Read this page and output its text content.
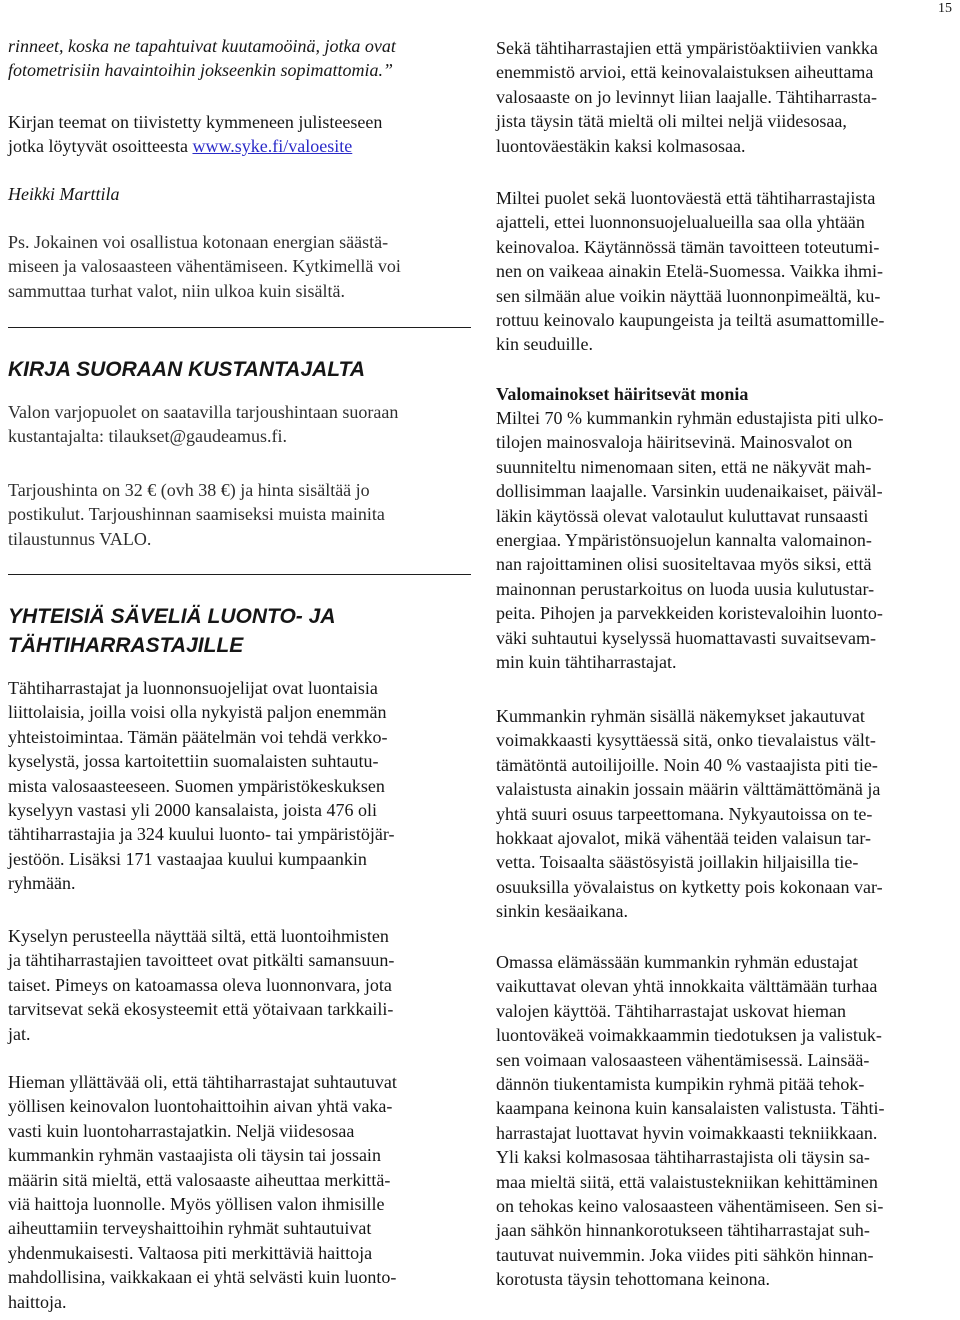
15
rinneet, koska ne tapahtuivat kuutamoöinä, jotka ovat
fotometrisiin havaintoihin jokseenkin sopimattomia.”
Kirjan teemat on tiivistetty kymmeneen julisteeseen
jotka löytyvät osoitteesta www.syke.fi/valoesite
Heikki Marttila
Ps. Jokainen voi osallistua kotonaan energian säästä-
miseen ja valosaasteen vähentämiseen. Kytkimellä voi
sammuttaa turhat valot, niin ulkoa kuin sisältä.
KIRJA SUORAAN KUSTANTAJALTA
Valon varjopuolet on saatavilla tarjoushintaan suoraan
kustantajalta: tilaukset@gaudeamus.fi.
Tarjoushinta on 32 € (ovh 38 €) ja hinta sisältää jo
postikulut. Tarjoushinnan saamiseksi muista mainita
tilaustunnus VALO.
YHTEISIÄ SÄVELIÄ LUONTO- JA
TÄHTIHARRASTAJILLE
Tähtiharrastajat ja luonnonsuojelijat ovat luontaisia
liittolaisia, joilla voisi olla nykyistä paljon enemmän
yhteistoimintaa. Tämän päätelmän voi tehdä verkko-
kyselystä, jossa kartoitettiin suomalaisten suhtautu-
mista valosaasteeseen. Suomen ympäristökeskuksen
kyselyyn vastasi yli 2000 kansalaista, joista 476 oli
tähtiharrastajia ja 324 kuului luonto- tai ympäristöjär-
jestöön. Lisäksi 171 vastaajaa kuului kumpaankin
ryhmään.
Kyselyn perusteella näyttää siltä, että luontoihmisten
ja tähtiharrastajien tavoitteet ovat pitkälti samansuun-
taiset. Pimeys on katoamassa oleva luonnonvara, jota
tarvitsevat sekä ekosysteemit että yötaivaan tarkkaili-
jat.
Hieman yllättävää oli, että tähtiharrastajat suhtautuvat
yöllisen keinovalon luontohaittoihin aivan yhtä vaka-
vasti kuin luontoharrastajatkin. Neljä viidesosaa
kummankin ryhmän vastaajista oli täysin tai jossain
määrin sitä mieltä, että valosaaste aiheuttaa merkittä-
viä haittoja luonnolle. Myös yöllisen valon ihmisille
aiheuttamiin terveyshaittoihin ryhmät suhtautuivat
yhdenmukaisesti. Valtaosa piti merkittäviä haittoja
mahdollisina, vaikkakaan ei yhtä selvästi kuin luonto-
haittoja.
Sekä tähtiharrastajien että ympäristöaktiivien vankka
enemmistö arvioi, että keinovalaistuksen aiheuttama
valosaaste on jo levinnyt liian laajalle. Tähtiharrasta-
jista täysin tätä mieltä oli miltei neljä viidesosaa,
luontoväestäkin kaksi kolmasosaa.
Miltei puolet sekä luontoväestä että tähtiharrastajista
ajatteli, ettei luonnonsuojelualueilla saa olla yhtään
keinovaloa. Käytännössä tämän tavoitteen toteutumi-
nen on vaikeaa ainakin Etelä-Suomessa. Vaikka ihmi-
sen silmään alue voikin näyttää luonnonpimeältä, ku-
rottuu keinovalo kaupungeista ja teiltä asumattomille-
kin seuduille.
Valomainokset häiritsevät monia
Miltei 70 % kummankin ryhmän edustajista piti ulko-
tilojen mainosvaloja häiritsevinä. Mainosvalot on
suunniteltu nimenomaan siten, että ne näkyvät mah-
dollisimman laajalle. Varsinkin uudenaikaiset, päiväl-
läkin käytössä olevat valotaulut kuluttavat runsaasti
energiaa. Ympäristönsuojelun kannalta valomainon-
nan rajoittaminen olisi suositeltavaa myös siksi, että
mainonnan perustarkoitus on luoda uusia kulutustar-
peita. Pihojen ja parvekkeiden koristevaloihin luonto-
väki suhtautui kyselyssä huomattavasti suvaitsevam-
min kuin tähtiharrastajat.
Kummankin ryhmän sisällä näkemykset jakautuvat
voimakkaasti kysyttäessä sitä, onko tievalaistus vält-
tämätöntä autoilijoille. Noin 40 % vastaajista piti tie-
valaistusta ainakin jossain määrin välttämättömänä ja
yhtä suuri osuus tarpeettomana. Nykyautoissa on te-
hokkaat ajovalot, mikä vähentää teiden valaisun tar-
vetta. Toisaalta säästösyistä joillakin hiljaisilla tie-
osuuksilla yövalaistus on kytketty pois kokonaan var-
sinkin kesäaikana.
Omassa elämässään kummankin ryhmän edustajat
vaikuttavat olevan yhtä innokkaita välttämään turhaa
valojen käyttöä. Tähtiharrastajat uskovat hieman
luontoväkeä voimakkaammin tiedotuksen ja valistuk-
sen voimaan valosaasteen vähentämisessä. Lainsää-
dännön tiukentamista kumpikin ryhmä pitää tehok-
kaampana keinona kuin kansalaisten valistusta. Tähti-
harrastajat luottavat hyvin voimakkaasti tekniikkaan.
Yli kaksi kolmasosaa tähtiharrastajista oli täysin sa-
maa mieltä siitä, että valaistustekniikan kehittäminen
on tehokas keino valosaasteen vähentämiseen. Sen si-
jaan sähkön hinnankorotukseen tähtiharrastajat suh-
tautuvat nuivemmin. Joka viides piti sähkön hinnan-
korotusta täysin tehottomana keinona.
